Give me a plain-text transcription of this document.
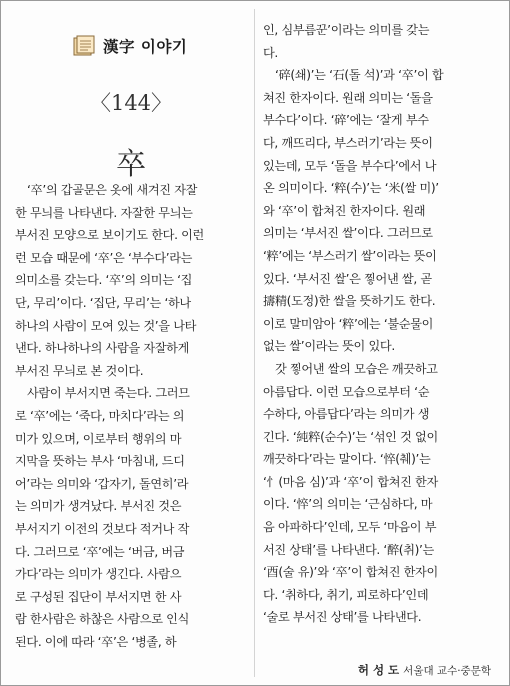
漢字 이야기
〈144〉
卒
‘卒’의 갑골문은 옷에 새겨진 자잘
한 무늬를 나타낸다. 자잘한 무늬는
부서진 모양으로 보이기도 한다. 이런
런 모습 때문에 ‘卒’은 ‘부수다’라는
의미소를 갖는다. ‘卒’의 의미는 ‘집
단, 무리’이다. ‘집단, 무리’는 ‘하나
하나의 사람이 모여 있는 것’을 나타
낸다. 하나하나의 사람을 자잘하게
부서진 무늬로 본 것이다.
사람이 부서지면 죽는다. 그러므
로 ‘卒’에는 ‘죽다, 마치다’라는 의
미가 있으며, 이로부터 행위의 마
지막을 뜻하는 부사 ‘마침내, 드디
어’라는 의미와 ‘갑자기, 돌연히’라
는 의미가 생겨났다. 부서진 것은
부서지기 이전의 것보다 적거나 작
다. 그러므로 ‘卒’에는 ‘버금, 버금
가다’라는 의미가 생긴다. 사람으
로 구성된 집단이 부서지면 한 사
람 한사람은 하찮은 사람으로 인식
된다. 이에 따라 ‘卒’은 ‘병졸, 하
인, 심부름꾼’이라는 의미를 갖는
다.
‘碎(쇄)’는 ‘石(돌 석)’과 ‘卒’이 합
쳐진 한자이다. 원래 의미는 ‘돌을
부수다’이다. ‘碎’에는 ‘잘게 부수
다, 깨뜨리다, 부스러기’라는 뜻이
있는데, 모두 ‘돌을 부수다’에서 나
온 의미이다. ‘粹(수)’는 ‘米(쌀 미)’
와 ‘卒’이 합쳐진 한자이다. 원래
의미는 ‘부서진 쌀’이다. 그러므로
‘粹’에는 ‘부스러기 쌀’이라는 뜻이
있다. ‘부서진 쌀’은 찧어낸 쌀, 곧
擣精(도정)한 쌀을 뜻하기도 한다.
이로 말미암아 ‘粹’에는 ‘불순물이
없는 쌀’이라는 뜻이 있다.
갓 찧어낸 쌀의 모습은 깨끗하고
아름답다. 이런 모습으로부터 ‘순
수하다, 아름답다’라는 의미가 생
긴다. ‘純粹(순수)’는 ‘섞인 것 없이
깨끗하다’라는 말이다. ‘悴(췌)’는
‘忄(마음 심)’과 ‘卒’이 합쳐진 한자
이다. ‘悴’의 의미는 ‘근심하다, 마
음 아파하다’인데, 모두 ‘마음이 부
서진 상태’를 나타낸다. ‘醉(취)’는
‘酉(술 유)’와 ‘卒’이 합쳐진 한자이
다. ‘취하다, 취기, 피로하다’인데
‘술로 부서진 상태’를 나타낸다.
허 성 도 서울대 교수·중문학
